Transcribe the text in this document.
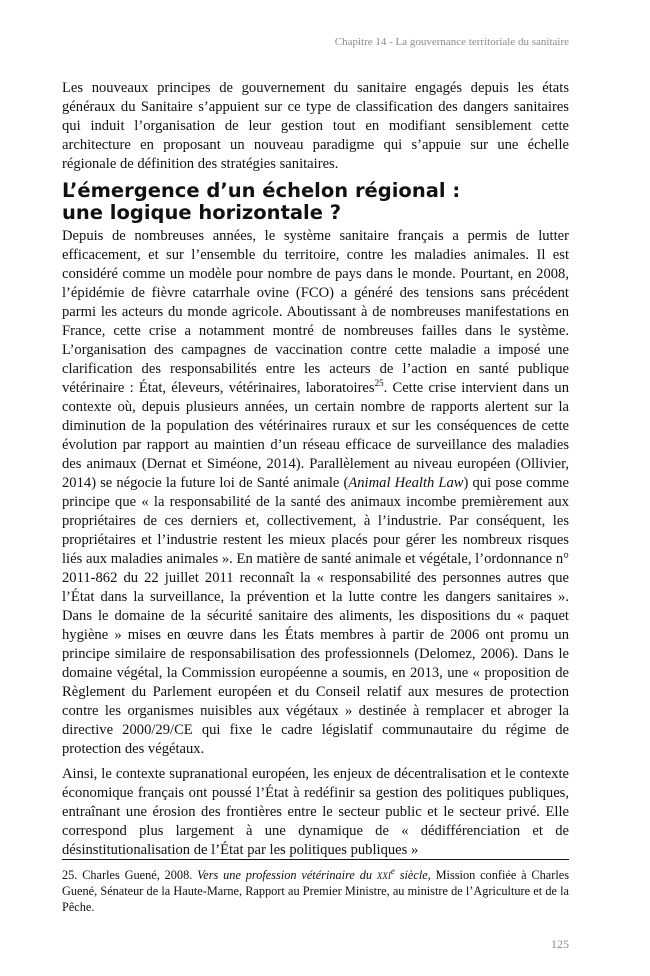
Chapitre 14 - La gouvernance territoriale du sanitaire

Les nouveaux principes de gouvernement du sanitaire engagés depuis les états généraux du Sanitaire s’appuient sur ce type de classification des dangers sanitaires qui induit l’organisation de leur gestion tout en modifiant sensiblement cette architecture en proposant un nouveau paradigme qui s’appuie sur une échelle régionale de définition des stratégies sanitaires.

L’émergence d’un échelon régional :
une logique horizontale ?

Depuis de nombreuses années, le système sanitaire français a permis de lutter efficacement, et sur l’ensemble du territoire, contre les maladies animales. Il est considéré comme un modèle pour nombre de pays dans le monde. Pourtant, en 2008, l’épidémie de fièvre catarrhale ovine (FCO) a généré des tensions sans précédent parmi les acteurs du monde agricole. Aboutissant à de nombreuses manifestations en France, cette crise a notamment montré de nombreuses failles dans le système. L’organisation des campagnes de vaccination contre cette maladie a imposé une clarification des responsabilités entre les acteurs de l’action en santé publique vétérinaire : État, éleveurs, vétérinaires, laboratoires$^{25}$. Cette crise intervient dans un contexte où, depuis plusieurs années, un certain nombre de rapports alertent sur la diminution de la population des vétérinaires ruraux et sur les conséquences de cette évolution par rapport au maintien d’un réseau efficace de surveillance des maladies des animaux (Dernat et Siméone, 2014). Parallèlement au niveau européen (Ollivier, 2014) se négocie la future loi de Santé animale (Animal Health Law) qui pose comme principe que « la responsabilité de la santé des animaux incombe premièrement aux propriétaires de ces derniers et, collectivement, à l’industrie. Par conséquent, les propriétaires et l’industrie restent les mieux placés pour gérer les nombreux risques liés aux maladies animales ». En matière de santé animale et végétale, l’ordonnance n° 2011-862 du 22 juillet 2011 reconnaît la « responsabilité des personnes autres que l’État dans la surveillance, la prévention et la lutte contre les dangers sanitaires ». Dans le domaine de la sécurité sanitaire des aliments, les dispositions du « paquet hygiène » mises en œuvre dans les États membres à partir de 2006 ont promu un principe similaire de responsabilisation des professionnels (Delomez, 2006). Dans le domaine végétal, la Commission européenne a soumis, en 2013, une « proposition de Règlement du Parlement européen et du Conseil relatif aux mesures de protection contre les organismes nuisibles aux végétaux » destinée à remplacer et abroger la directive 2000/29/CE qui fixe le cadre législatif communautaire du régime de protection des végétaux.

Ainsi, le contexte supranational européen, les enjeux de décentralisation et le contexte économique français ont poussé l’État à redéfinir sa gestion des politiques publiques, entraînant une érosion des frontières entre le secteur public et le secteur privé. Elle correspond plus largement à une dynamique de « dédifférenciation et de désinstitutionalisation de l’État par les politiques publiques »

25. Charles Guené, 2008. Vers une profession vétérinaire du xxi$^e$ siècle, Mission confiée à Charles Guené, Sénateur de la Haute-Marne, Rapport au Premier Ministre, au ministre de l’Agriculture et de la Pêche.
125
